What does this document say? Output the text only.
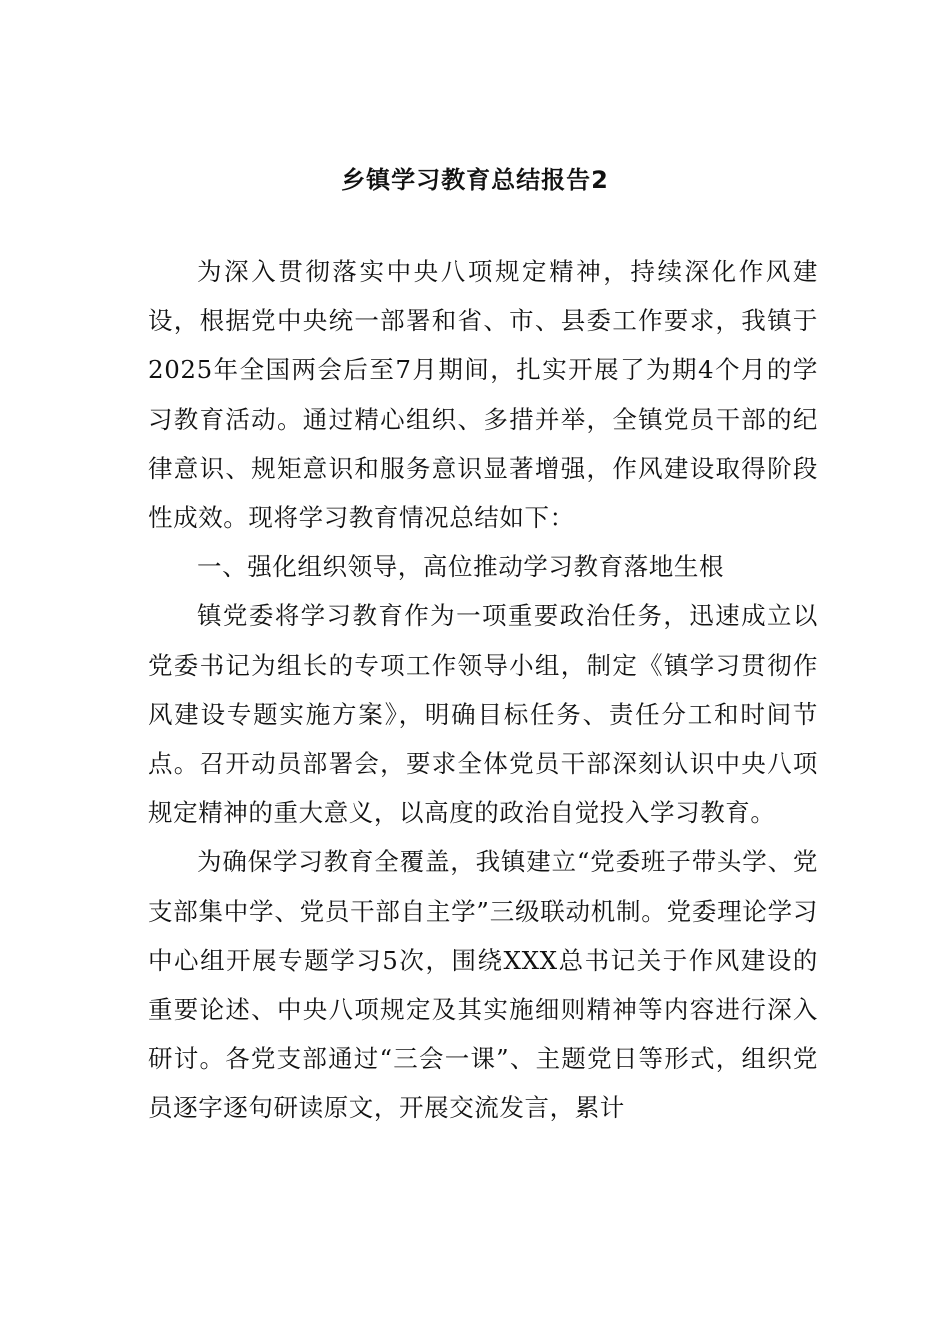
乡镇学习教育总结报告2

为深入贯彻落实中央八项规定精神，持续深化作风建设，根据党中央统一部署和省、市、县委工作要求，我镇于2025年全国两会后至7月期间，扎实开展了为期4个月的学习教育活动。通过精心组织、多措并举，全镇党员干部的纪律意识、规矩意识和服务意识显著增强，作风建设取得阶段性成效。现将学习教育情况总结如下：

一、强化组织领导，高位推动学习教育落地生根

镇党委将学习教育作为一项重要政治任务，迅速成立以党委书记为组长的专项工作领导小组，制定《镇学习贯彻作风建设专题实施方案》，明确目标任务、责任分工和时间节点。召开动员部署会，要求全体党员干部深刻认识中央八项规定精神的重大意义，以高度的政治自觉投入学习教育。

为确保学习教育全覆盖，我镇建立“党委班子带头学、党支部集中学、党员干部自主学”三级联动机制。党委理论学习中心组开展专题学习5次，围绕XXX总书记关于作风建设的重要论述、中央八项规定及其实施细则精神等内容进行深入研讨。各党支部通过“三会一课”、主题党日等形式，组织党员逐字逐句研读原文，开展交流发言，累计
